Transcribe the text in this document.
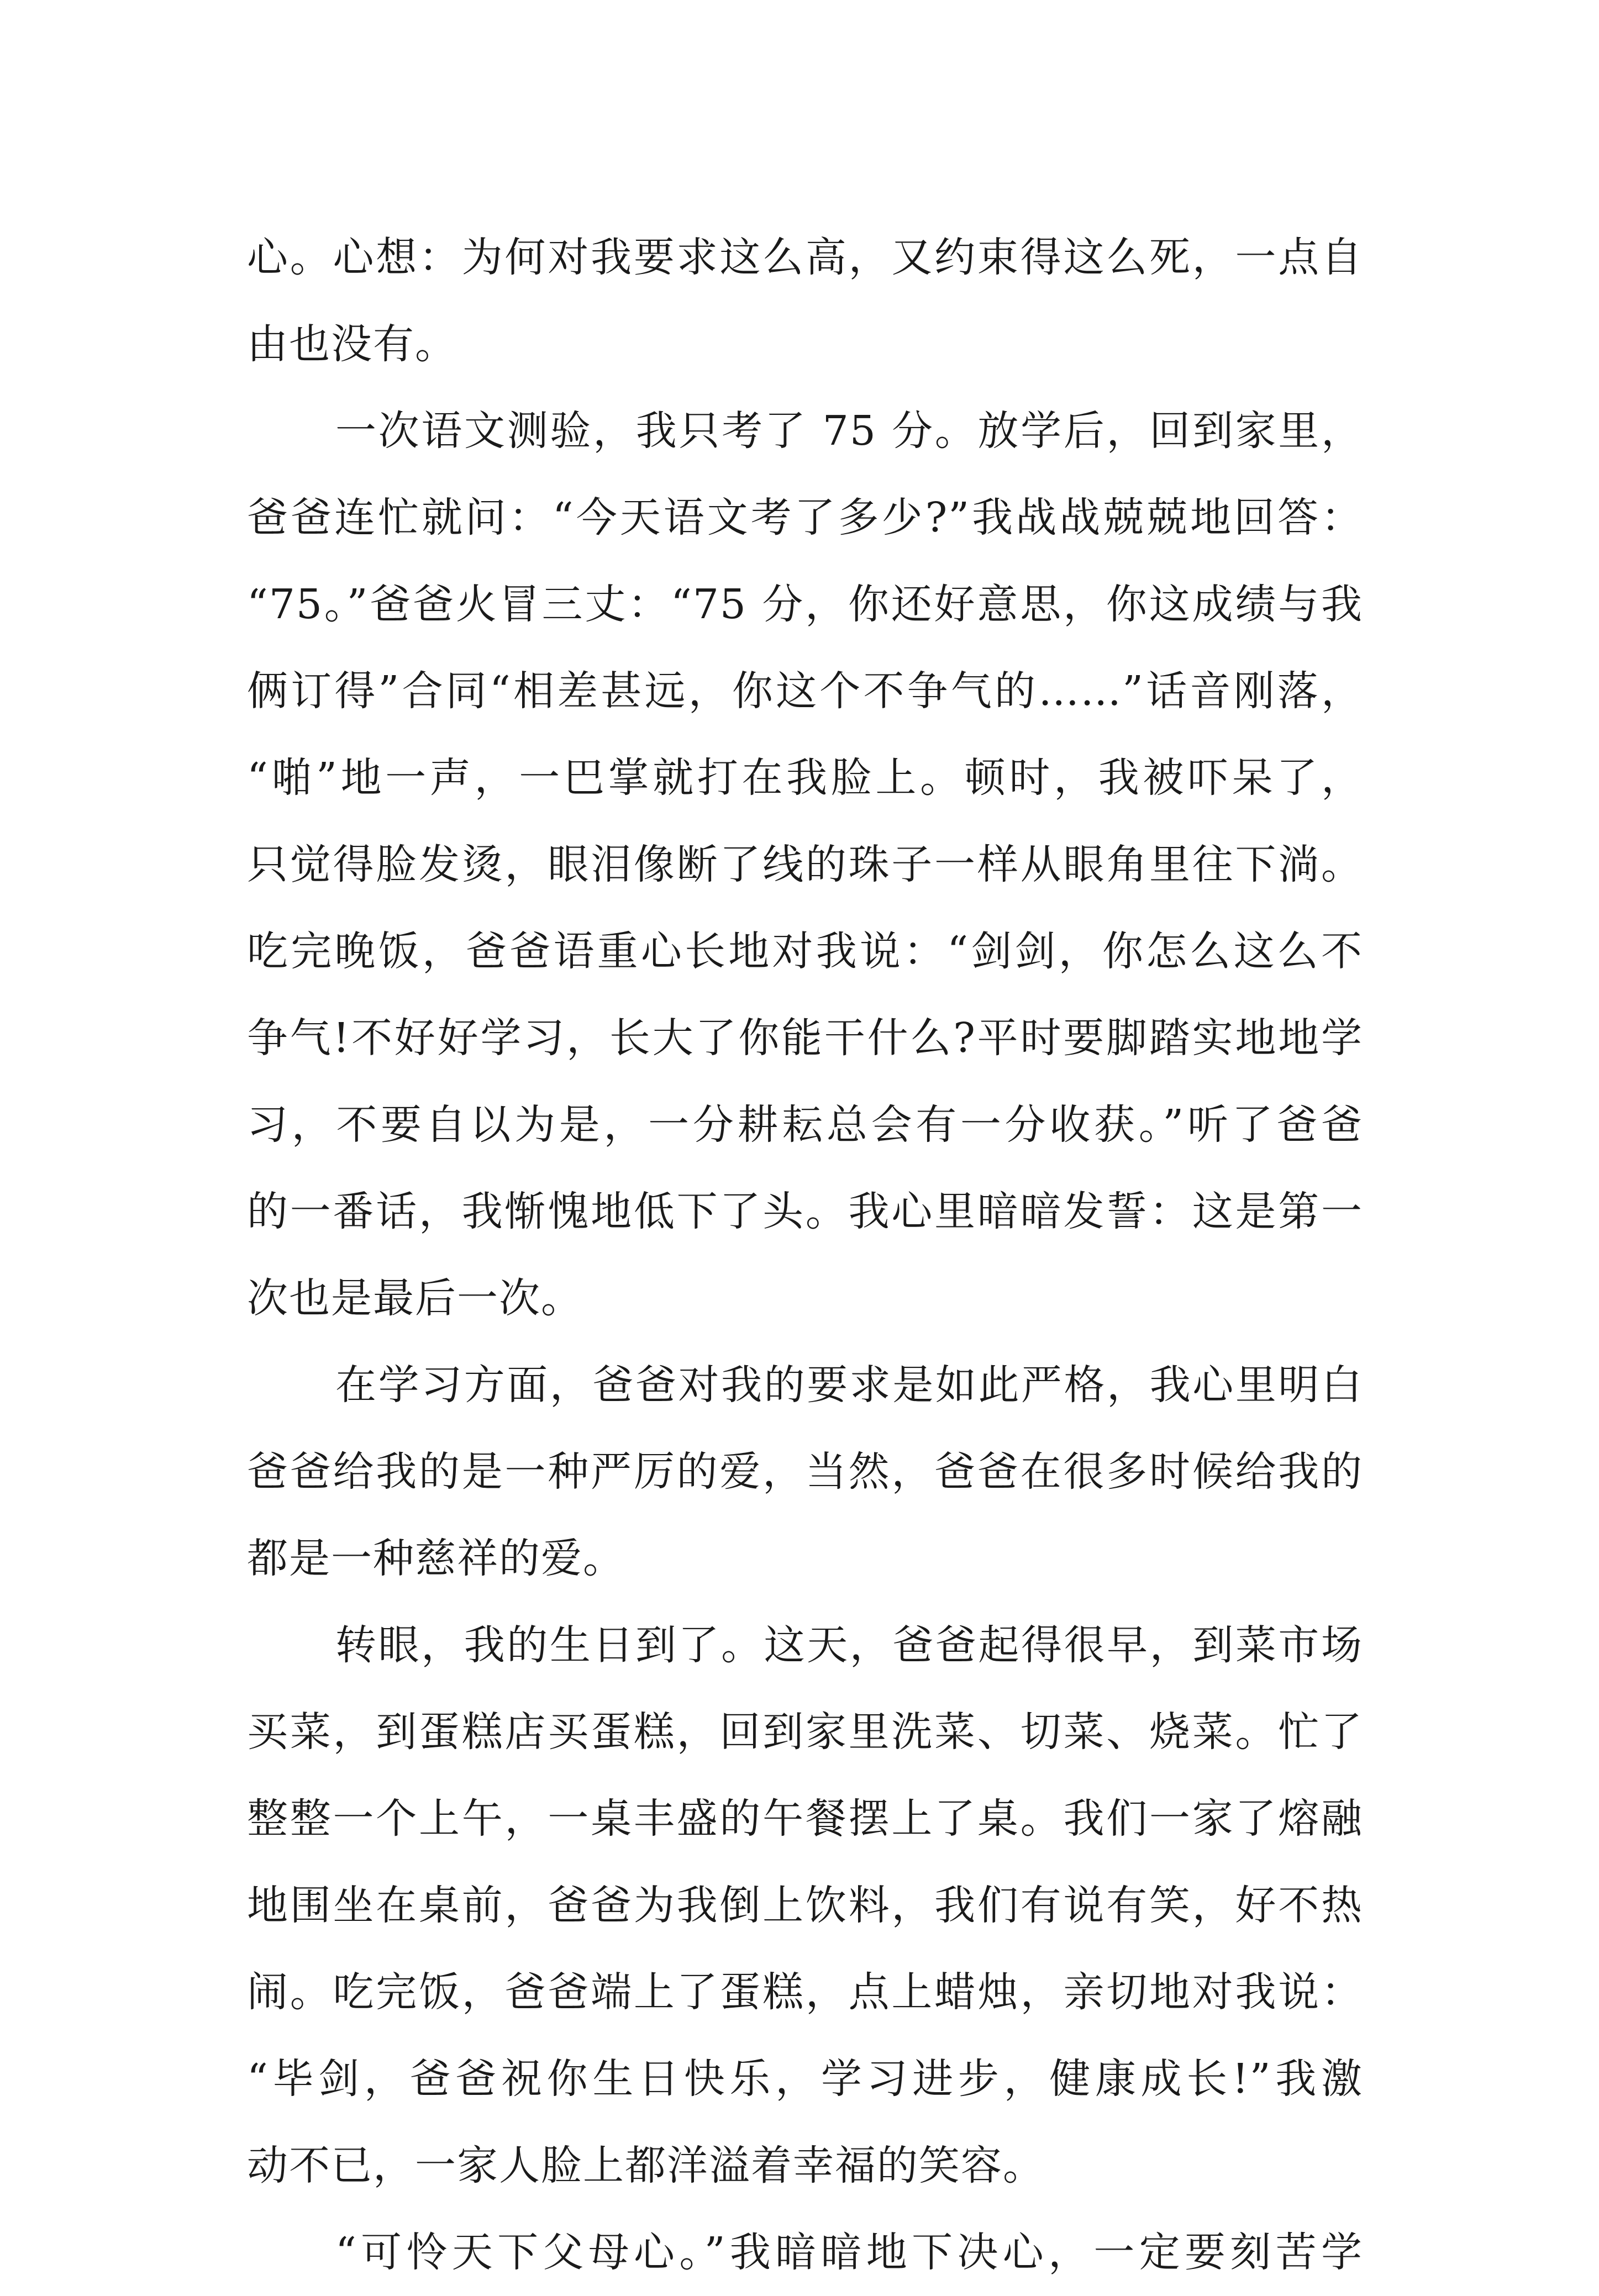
心。心想：为何对我要求这么高，又约束得这么死，一点自
由也没有。
一次语文测验，我只考了 75 分。放学后，回到家里，
爸爸连忙就问：“今天语文考了多少?”我战战兢兢地回答：
“75。”爸爸火冒三丈：“75 分，你还好意思，你这成绩与我
俩订得”合同“相差甚远，你这个不争气的……”话音刚落，
“啪”地一声，一巴掌就打在我脸上。顿时，我被吓呆了，
只觉得脸发烫，眼泪像断了线的珠子一样从眼角里往下淌。
吃完晚饭，爸爸语重心长地对我说：“剑剑，你怎么这么不
争气!不好好学习，长大了你能干什么?平时要脚踏实地地学
习，不要自以为是，一分耕耘总会有一分收获。”听了爸爸
的一番话，我惭愧地低下了头。我心里暗暗发誓：这是第一
次也是最后一次。
在学习方面，爸爸对我的要求是如此严格，我心里明白
爸爸给我的是一种严厉的爱，当然，爸爸在很多时候给我的
都是一种慈祥的爱。
转眼，我的生日到了。这天，爸爸起得很早，到菜市场
买菜，到蛋糕店买蛋糕，回到家里洗菜、切菜、烧菜。忙了
整整一个上午，一桌丰盛的午餐摆上了桌。我们一家了熔融
地围坐在桌前，爸爸为我倒上饮料，我们有说有笑，好不热
闹。吃完饭，爸爸端上了蛋糕，点上蜡烛，亲切地对我说：
“毕剑，爸爸祝你生日快乐，学习进步，健康成长!”我激
动不已，一家人脸上都洋溢着幸福的笑容。
“可怜天下父母心。”我暗暗地下决心，一定要刻苦学
